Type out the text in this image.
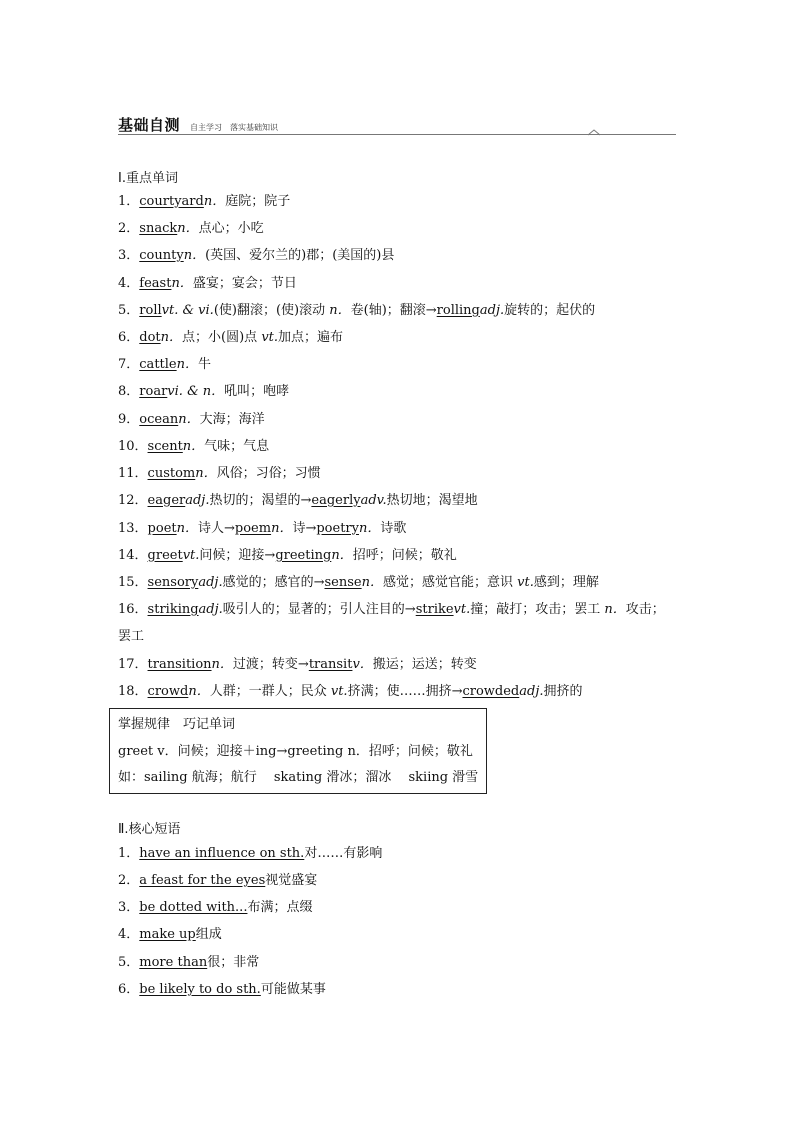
基础自测 自主学习　落实基础知识
Ⅰ.重点单词
1．courtyardn．庭院；院子
2．snackn．点心；小吃
3．countyn．(英国、爱尔兰的)郡；(美国的)县
4．feastn．盛宴；宴会；节日
5．rollvt. & vi.(使)翻滚；(使)滚动 n．卷(轴)；翻滚→rollingadj.旋转的；起伏的
6．dotn．点；小(圆)点 vt.加点；遍布
7．cattlen．牛
8．roarvi. & n．吼叫；咆哮
9．oceann．大海；海洋
10．scentn．气味；气息
11．customn．风俗；习俗；习惯
12．eageradj.热切的；渴望的→eagerlyadv.热切地；渴望地
13．poetn．诗人→poemn．诗→poetryn．诗歌
14．greetvt.问候；迎接→greetingn．招呼；问候；敬礼
15．sensoryadj.感觉的；感官的→sensen．感觉；感觉官能；意识 vt.感到；理解
16．strikingadj.吸引人的；显著的；引人注目的→strikevt.撞；敲打；攻击；罢工 n．攻击；
罢工
17．transitionn．过渡；转变→transitv．搬运；运送；转变
18．crowdn．人群；一群人；民众 vt.挤满；使……拥挤→crowdedadj.拥挤的
掌握规律　巧记单词
greet v．问候；迎接＋ing→greeting n．招呼；问候；敬礼
如：sailing 航海；航行　 skating 滑冰；溜冰　 skiing 滑雪
Ⅱ.核心短语
1．have an influence on sth.对……有影响
2．a feast for the eyes视觉盛宴
3．be dotted with...布满；点缀
4．make up组成
5．more than很；非常
6．be likely to do sth.可能做某事
